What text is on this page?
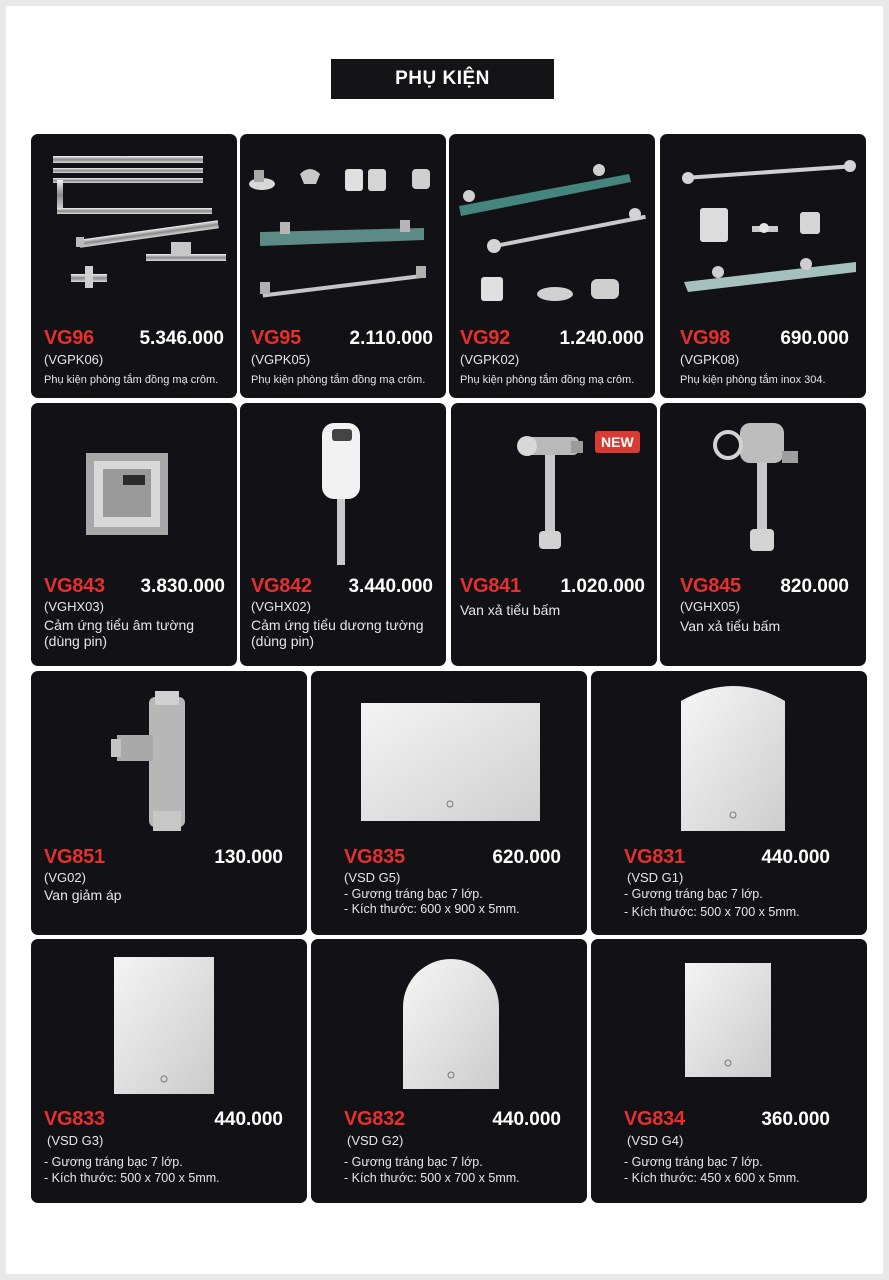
PHỤ KIỆN
VG96 5.346.000
(VGPK06)
Phụ kiện phòng tắm đồng mạ crôm.
VG95	2.110.000
(VGPK05)
Phụ kiện phòng tắm đồng mạ crôm.
VG92	1.240.000
(VGPK02)
Phụ kiện phòng tắm đồng mạ crôm.
VG98	690.000
(VGPK08)
Phụ kiện phòng tắm inox 304.
VG843 3.830.000
(VGHX03)
Cảm ứng tiểu âm tường
(dùng pin)
VG842 3.440.000
(VGHX02)
Cảm ứng tiểu dương tường
(dùng pin)
NEW
VG841 1.020.000
Van xả tiểu bấm
VG845 820.000
(VGHX05)
Van xả tiểu bấm
VG851	130.000
(VG02)
Van giảm áp
VG835	620.000
(VSD G5)
- Gương tráng bạc 7 lớp.
- Kích thước: 600 x 900 x 5mm.
VG831	440.000
(VSD G1)
- Gương tráng bạc 7 lớp.
- Kích thước: 500 x 700 x 5mm.
VG833	440.000
(VSD G3)
- Gương tráng bạc 7 lớp.
- Kích thước: 500 x 700 x 5mm.
VG832	440.000
(VSD G2)
- Gương tráng bạc 7 lớp.
- Kích thước: 500 x 700 x 5mm.
VG834	360.000
(VSD G4)
- Gương tráng bạc 7 lớp.
- Kích thước: 450 x 600 x 5mm.
